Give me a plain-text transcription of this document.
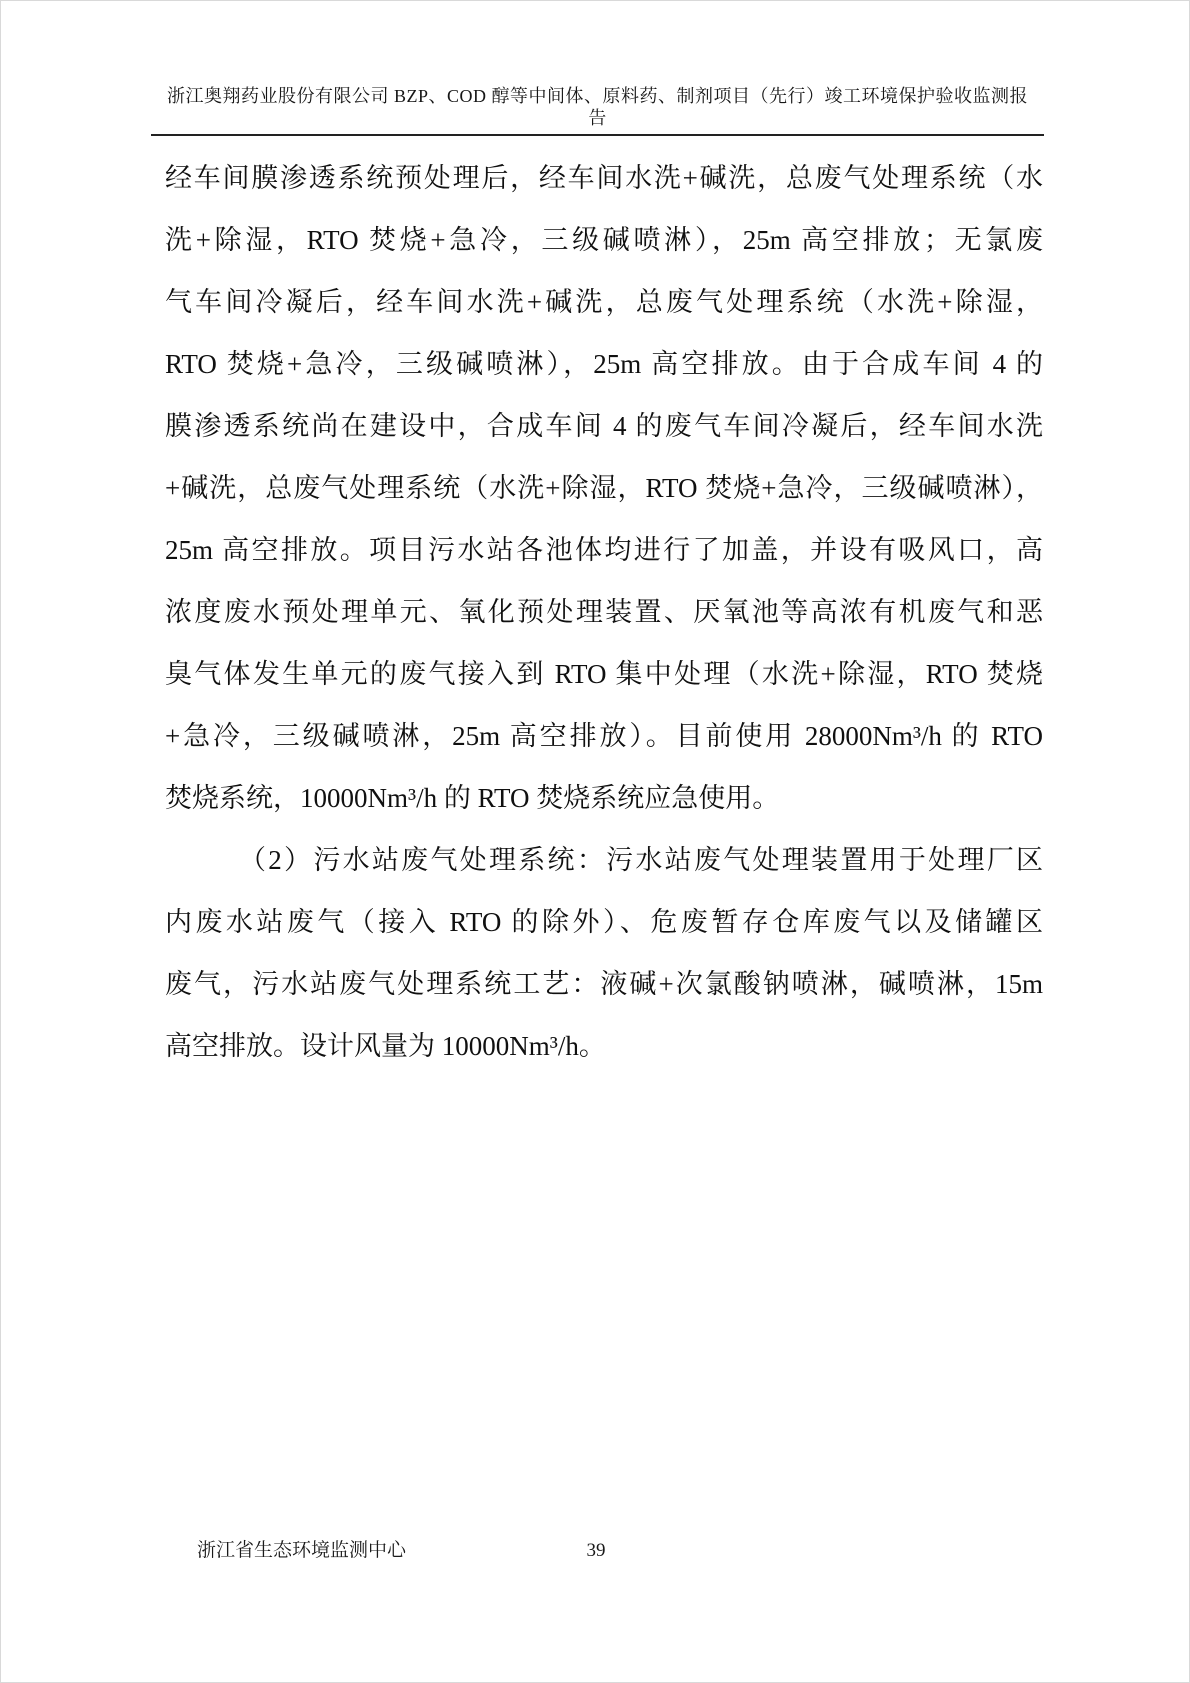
浙江奥翔药业股份有限公司 BZP、COD 醇等中间体、原料药、制剂项目（先行）竣工环境保护验收监测报
告
经车间膜渗透系统预处理后，经车间水洗+碱洗，总废气处理系统（水
洗+除湿，RTO 焚烧+急冷，三级碱喷淋），25m 高空排放；无氯废
气车间冷凝后，经车间水洗+碱洗，总废气处理系统（水洗+除湿，
RTO 焚烧+急冷，三级碱喷淋），25m 高空排放。由于合成车间 4 的
膜渗透系统尚在建设中，合成车间 4 的废气车间冷凝后，经车间水洗
+碱洗，总废气处理系统（水洗+除湿，RTO 焚烧+急冷，三级碱喷淋），
25m 高空排放。项目污水站各池体均进行了加盖，并设有吸风口，高
浓度废水预处理单元、氧化预处理装置、厌氧池等高浓有机废气和恶
臭气体发生单元的废气接入到 RTO 集中处理（水洗+除湿，RTO 焚烧
+急冷，三级碱喷淋，25m 高空排放）。目前使用 28000Nm³/h 的 RTO
焚烧系统，10000Nm³/h 的 RTO 焚烧系统应急使用。
（2）污水站废气处理系统：污水站废气处理装置用于处理厂区
内废水站废气（接入 RTO 的除外）、危废暂存仓库废气以及储罐区
废气，污水站废气处理系统工艺：液碱+次氯酸钠喷淋，碱喷淋，15m
高空排放。设计风量为 10000Nm³/h。
浙江省生态环境监测中心	39
